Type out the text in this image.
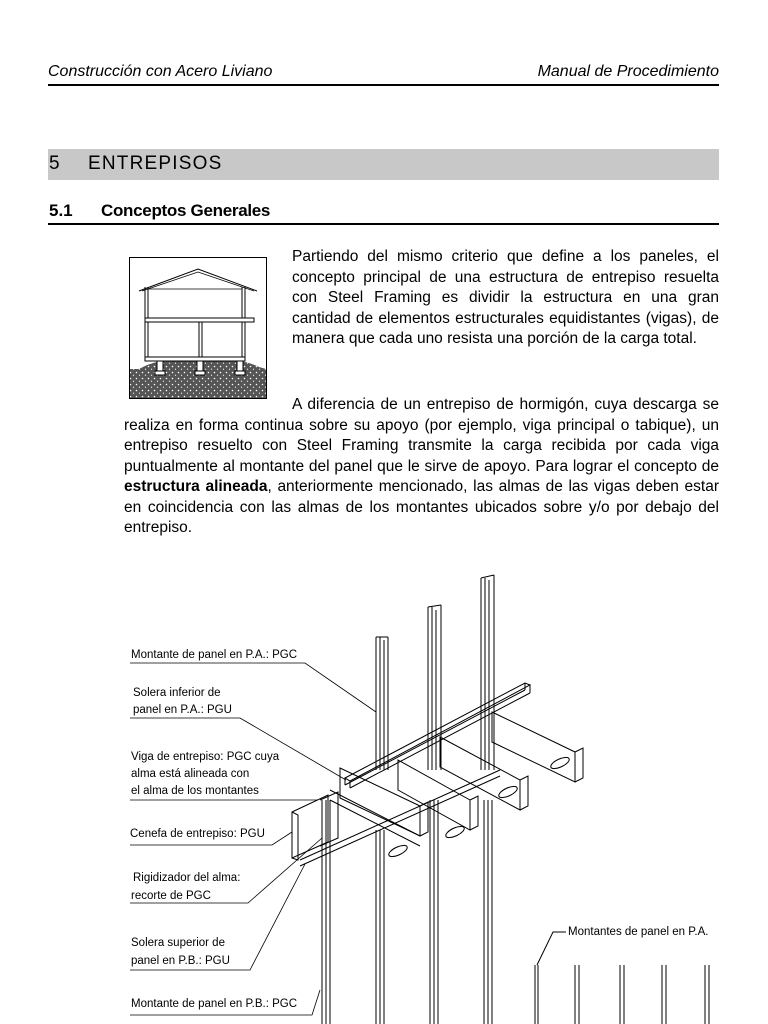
Construcción con Acero Liviano	Manual de Procedimiento
5 ENTREPISOS
5.1 Conceptos Generales
Partiendo del mismo criterio que define a los paneles, el concepto principal de una estructura de entrepiso resuelta con Steel Framing es dividir la estructura en una gran cantidad de elementos estructurales equidistantes (vigas), de manera que cada uno resista una porción de la carga total.
A diferencia de un entrepiso de hormigón, cuya descarga se realiza en forma continua sobre su apoyo (por ejemplo, viga principal o tabique), un entrepiso resuelto con Steel Framing transmite la carga recibida por cada viga puntualmente al montante del panel que le sirve de apoyo. Para lograr el concepto de estructura alineada, anteriormente mencionado, las almas de las vigas deben estar en coincidencia con las almas de los montantes ubicados sobre y/o por debajo del entrepiso.
Montante de panel en P.A.: PGC
Solera inferior de
panel en P.A.: PGU
Viga de entrepiso: PGC cuya
alma está alineada con
el alma de los montantes
Cenefa de entrepiso: PGU
Rigidizador del alma:
recorte de PGC
Solera superior de
panel en P.B.: PGU
Montante de panel en P.B.: PGC
Montantes de panel en P.A.
